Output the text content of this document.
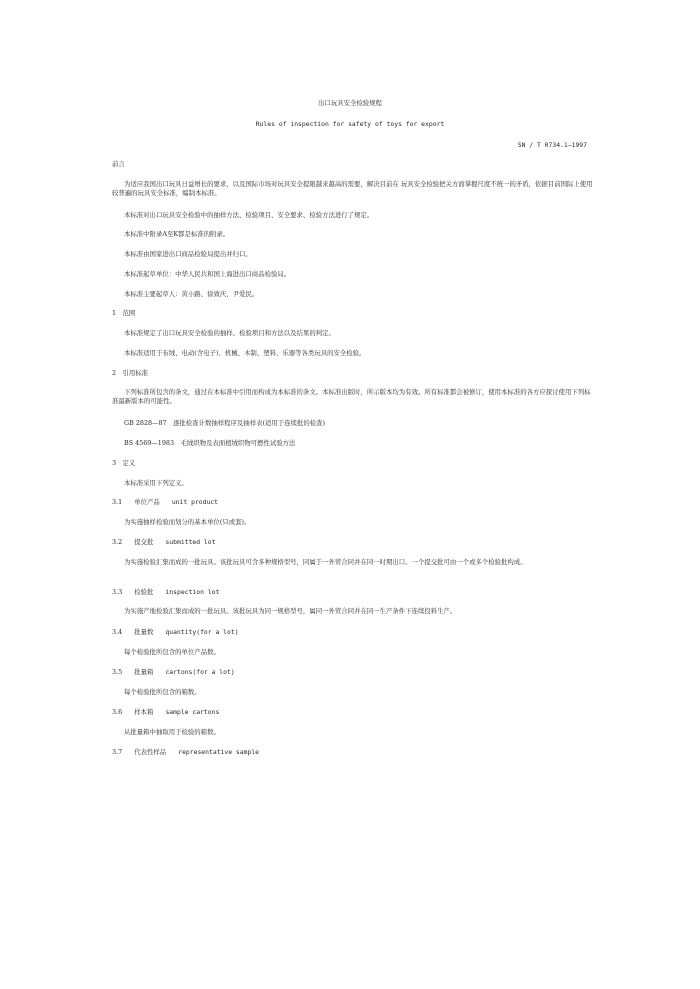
出口玩具安全检验规程
Rules of inspection for safety of toys for export
SN / T 0734.1—1997
前言
为适应我国出口玩具日益增长的要求，以及国际市场对玩具安全提限越来越高的需要，解决目前在 玩具安全检验把关方面掌握尺度不统一的矛盾，依据目前国际上使用较普遍的玩具安全标准，编制本标准。
本标准对出口玩具安全检验中的抽样方法、检验项目、安全要求、检验方法进行了规定。
本标准中附录A至K都是标准的附录。
本标准由国家进出口商品检验局提出并归口。
本标准起草单位：中华人民共和国上海进出口商品检验局。
本标准主要起草人：黄小路、徐致庆、尹爱民。
1　范围
本标准规定了出口玩具安全检验的抽样、检验项目和方法以及结果的判定。
本标准适用于布绒、电动(含电子)、机械、木制、塑料、乐器等各类玩具的安全检验。
2　引用标准
下列标准所包含的条文，通过在本标准中引用而构成为本标准的条文。本标准出版时，所示版本均为有效。所有标准都会被修订，使用本标准的各方应探讨使用下列标准最新版本的可能性。
GB 2828—87　逐批检查计数抽样程序及抽样表(适用于连续批的检查)
BS 4569—1983　毛绒织物及表面植绒织物可燃性试验方法
3　定义
本标准采用下列定义。
3.1 单位产品 unit product
为实施抽样检验而划分的基本单位(只或套)。
3.2 提交批 submitted lot
为实施检验汇集而成的一批玩具。该批玩具可含多种规格型号，同属于一外贸合同并在同一时期出口。一个提交批可由一个或多个检验批构成。
3.3 检验批 inspection lot
为实施产地检验汇集而成的一批玩具。该批玩具为同一规格型号，属同一外贸合同并在同一生产条件下连续投料生产。
3.4 批量数 quantity(for a lot)
每个检验批所包含的单位产品数。
3.5 批量箱 cartons(for a lot)
每个检验批所包含的箱数。
3.6 样本箱 sample cartons
从批量箱中抽取用于检验的箱数。
3.7 代表性样品 representative sample
